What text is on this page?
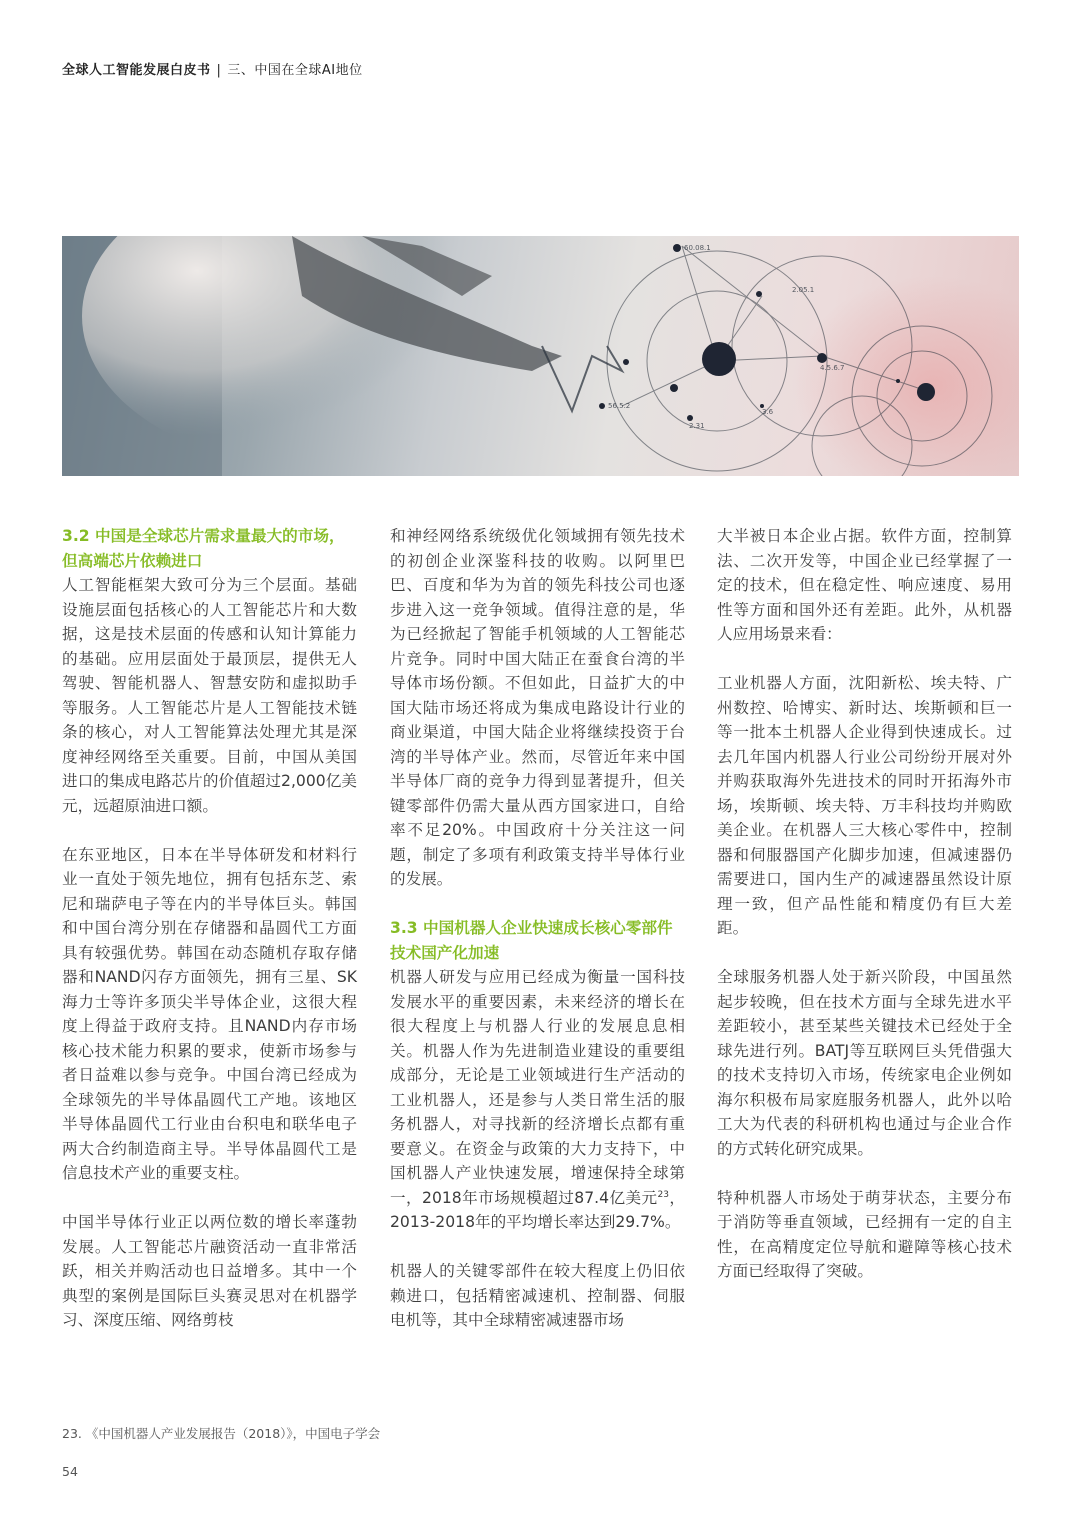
全球人工智能发展白皮书 | 三、中国在全球AI地位
60.08.1
2.05.1
4.5.6.7
3.6
56.5.2
2.31
3.2 中国是全球芯片需求量最大的市场，但高端芯片依赖进口

人工智能框架大致可分为三个层面。基础设施层面包括核心的人工智能芯片和大数据，这是技术层面的传感和认知计算能力的基础。应用层面处于最顶层，提供无人驾驶、智能机器人、智慧安防和虚拟助手等服务。人工智能芯片是人工智能技术链条的核心，对人工智能算法处理尤其是深度神经网络至关重要。目前，中国从美国进口的集成电路芯片的价值超过2,000亿美元，远超原油进口额。

在东亚地区，日本在半导体研发和材料行业一直处于领先地位，拥有包括东芝、索尼和瑞萨电子等在内的半导体巨头。韩国和中国台湾分别在存储器和晶圆代工方面具有较强优势。韩国在动态随机存取存储器和NAND闪存方面领先，拥有三星、SK海力士等许多顶尖半导体企业，这很大程度上得益于政府支持。且NAND内存市场核心技术能力积累的要求，使新市场参与者日益难以参与竞争。中国台湾已经成为全球领先的半导体晶圆代工产地。该地区半导体晶圆代工行业由台积电和联华电子两大合约制造商主导。半导体晶圆代工是信息技术产业的重要支柱。

中国半导体行业正以两位数的增长率蓬勃发展。人工智能芯片融资活动一直非常活跃，相关并购活动也日益增多。其中一个典型的案例是国际巨头赛灵思对在机器学习、深度压缩、网络剪枝

和神经网络系统级优化领域拥有领先技术的初创企业深鉴科技的收购。以阿里巴巴、百度和华为为首的领先科技公司也逐步进入这一竞争领域。值得注意的是，华为已经掀起了智能手机领域的人工智能芯片竞争。同时中国大陆正在蚕食台湾的半导体市场份额。不但如此，日益扩大的中国大陆市场还将成为集成电路设计行业的商业渠道，中国大陆企业将继续投资于台湾的半导体产业。然而，尽管近年来中国半导体厂商的竞争力得到显著提升，但关键零部件仍需大量从西方国家进口，自给率不足20%。中国政府十分关注这一问题，制定了多项有利政策支持半导体行业的发展。

3.3 中国机器人企业快速成长核心零部件技术国产化加速

机器人研发与应用已经成为衡量一国科技发展水平的重要因素，未来经济的增长在很大程度上与机器人行业的发展息息相关。机器人作为先进制造业建设的重要组成部分，无论是工业领域进行生产活动的工业机器人，还是参与人类日常生活的服务机器人，对寻找新的经济增长点都有重要意义。在资金与政策的大力支持下，中国机器人产业快速发展，增速保持全球第一，2018年市场规模超过87.4亿美元$^{23}$，2013-2018年的平均增长率达到29.7%。

机器人的关键零部件在较大程度上仍旧依赖进口，包括精密减速机、控制器、伺服电机等，其中全球精密减速器市场

大半被日本企业占据。软件方面，控制算法、二次开发等，中国企业已经掌握了一定的技术，但在稳定性、响应速度、易用性等方面和国外还有差距。此外，从机器人应用场景来看：

工业机器人方面，沈阳新松、埃夫特、广州数控、哈博实、新时达、埃斯顿和巨一等一批本土机器人企业得到快速成长。过去几年国内机器人行业公司纷纷开展对外并购获取海外先进技术的同时开拓海外市场，埃斯顿、埃夫特、万丰科技均并购欧美企业。在机器人三大核心零件中，控制器和伺服器国产化脚步加速，但减速器仍需要进口，国内生产的减速器虽然设计原理一致，但产品性能和精度仍有巨大差距。

全球服务机器人处于新兴阶段，中国虽然起步较晚，但在技术方面与全球先进水平差距较小，甚至某些关键技术已经处于全球先进行列。BATJ等互联网巨头凭借强大的技术支持切入市场，传统家电企业例如海尔积极布局家庭服务机器人，此外以哈工大为代表的科研机构也通过与企业合作的方式转化研究成果。

特种机器人市场处于萌芽状态，主要分布于消防等垂直领域，已经拥有一定的自主性，在高精度定位导航和避障等核心技术方面已经取得了突破。

23. 《中国机器人产业发展报告（2018）》，中国电子学会
54
